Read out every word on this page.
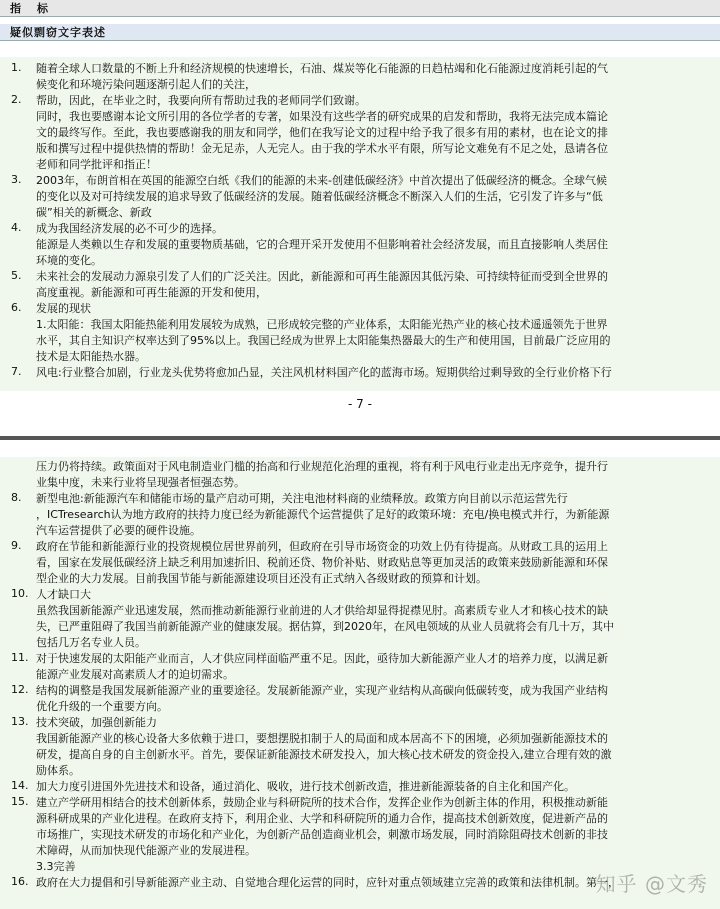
指 标
疑似剽窃文字表述
1.	随着全球人口数量的不断上升和经济规模的快速增长，石油、煤炭等化石能源的日趋枯竭和化石能源过度消耗引起的气

候变化和环境污染问题逐渐引起人们的关注，

2.	帮助，因此，在毕业之时，我要向所有帮助过我的老师同学们致谢。

同时，我也要感谢本论文所引用的各位学者的专著，如果没有这些学者的研究成果的启发和帮助，我将无法完成本篇论

文的最终写作。至此，我也要感谢我的朋友和同学，他们在我写论文的过程中给予我了很多有用的素材，也在论文的排

版和撰写过程中提供热情的帮助！金无足赤，人无完人。由于我的学术水平有限，所写论文难免有不足之处，恳请各位

老师和同学批评和指正！

3.	2003年，布朗首相在英国的能源空白纸《我们的能源的未来-创建低碳经济》中首次提出了低碳经济的概念。全球气候

的变化以及对可持续发展的追求导致了低碳经济的发展。随着低碳经济概念不断深入人们的生活，它引发了许多与“低

碳”相关的新概念、新政

4.	成为我国经济发展的必不可少的选择。

能源是人类赖以生存和发展的重要物质基础，它的合理开采开发使用不但影响着社会经济发展，而且直接影响人类居住

环境的变化。

5.	未来社会的发展动力源泉引发了人们的广泛关注。因此，新能源和可再生能源因其低污染、可持续特征而受到全世界的

高度重视。新能源和可再生能源的开发和使用，

6.	发展的现状

1.太阳能：我国太阳能热能利用发展较为成熟，已形成较完整的产业体系，太阳能光热产业的核心技术遥遥领先于世界

水平，其自主知识产权率达到了95%以上。我国已经成为世界上太阳能集热器最大的生产和使用国，目前最广泛应用的

技术是太阳能热水器。

7.	风电:行业整合加剧，行业龙头优势将愈加凸显，关注风机材料国产化的蓝海市场。短期供给过剩导致的全行业价格下行

- 7 -

压力仍将持续。政策面对于风电制造业门槛的抬高和行业规范化治理的重视，将有利于风电行业走出无序竞争，提升行

业集中度，未来行业将呈现强者恒强态势。

8.	新型电池:新能源汽车和储能市场的量产启动可期，关注电池材料商的业绩释放。政策方向目前以示范运营先行

，ICTresearch认为地方政府的扶持力度已经为新能源代个运营提供了足好的政策环境：充电/换电模式并行，为新能源

汽车运营提供了必要的硬件设施。

9.	政府在节能和新能源行业的投资规模位居世界前列，但政府在引导市场资金的功效上仍有待提高。从财政工具的运用上

看，国家在发展低碳经济上缺乏利用加速折旧、税前还贷、物价补贴、财政贴息等更加灵活的政策来鼓励新能源和环保

型企业的大力发展。目前我国节能与新能源建设项目还没有正式纳入各级财政的预算和计划。

10. 人才缺口大

虽然我国新能源产业迅速发展，然而推动新能源行业前进的人才供给却显得捉襟见肘。高素质专业人才和核心技术的缺

失，已严重阻碍了我国当前新能源产业的健康发展。据估算，到2020年，在风电领域的从业人员就将会有几十万，其中

包括几万名专业人员。

11. 对于快速发展的太阳能产业而言，人才供应同样面临严重不足。因此，亟待加大新能源产业人才的培养力度，以满足新

能源产业发展对高素质人才的迫切需求。

12. 结构的调整是我国发展新能源产业的重要途径。发展新能源产业，实现产业结构从高碳向低碳转变，成为我国产业结构

优化升级的一个重要方向。

13. 技术突破，加强创新能力

我国新能源产业的核心设备大多依赖于进口，要想摆脱扣制于人的局面和成本居高不下的困境，必须加强新能源技术的

研发，提高自身的自主创新水平。首先，要保证新能源技术研发投入，加大核心技术研发的资金投入,建立合理有效的激

励体系。

14. 加大力度引进国外先进技术和设备，通过消化、吸收，进行技术创新改造，推进新能源装备的自主化和国产化。

15. 建立产学研用相结合的技术创新体系，鼓励企业与科研院所的技术合作，发挥企业作为创新主体的作用，积极推动新能

源科研成果的产业化进程。在政府支持下，利用企业、大学和科研院所的通力合作，提高技术创新效度，促进新产品的

市场推广，实现技术研发的市场化和产业化，为创新产品创造商业机会，刺激市场发展，同时消除阻碍技术创新的非技

术障碍，从而加快现代能源产业的发展进程。

3.3完善

16. 政府在大力提倡和引导新能源产业主动、自觉地合理化运营的同时，应针对重点领域建立完善的政策和法律机制。第一，

知乎 @文秀
